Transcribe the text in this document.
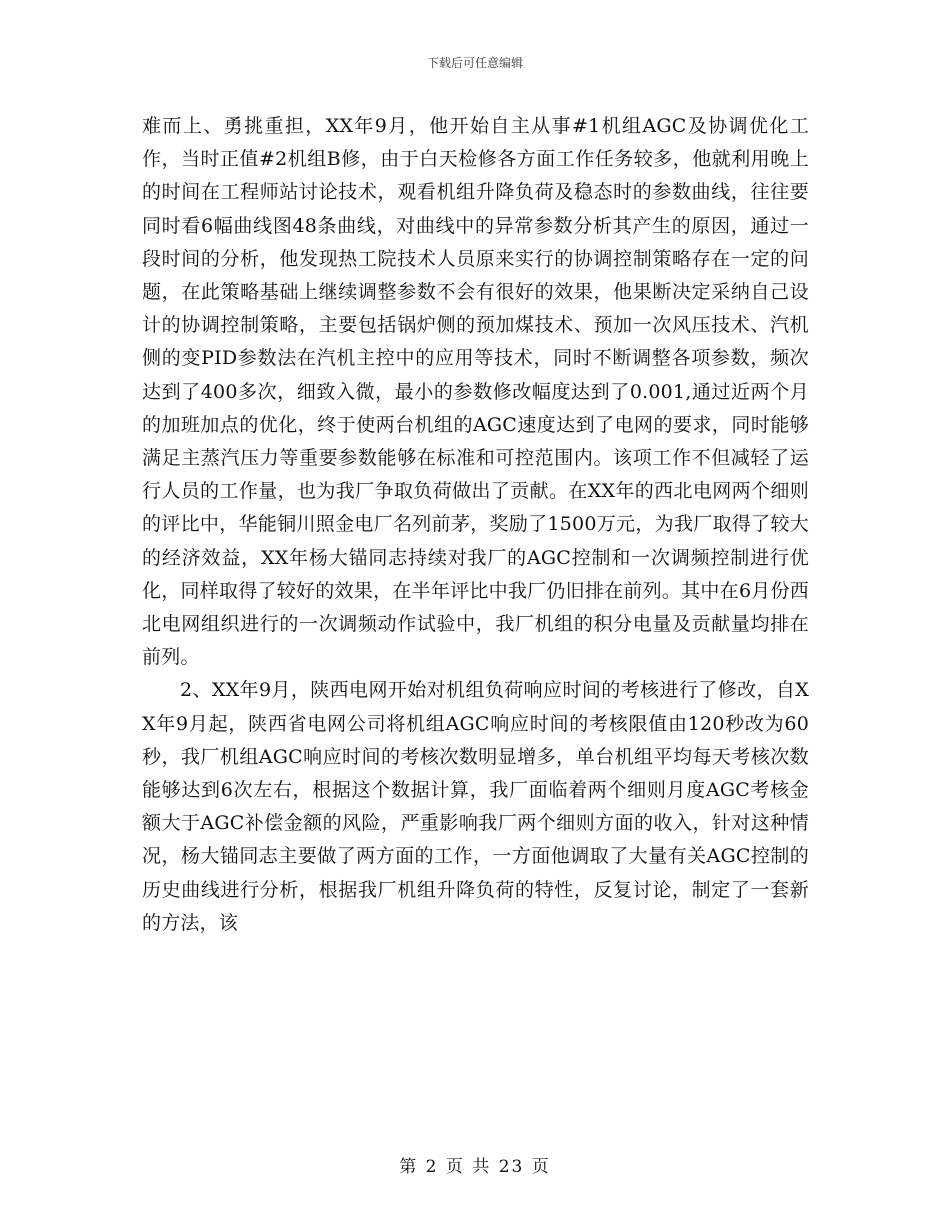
下载后可任意编辑

难而上、勇挑重担，XX年9月，他开始自主从事#1机组AGC及协调优化工作，当时正值#2机组B修，由于白天检修各方面工作任务较多，他就利用晚上的时间在工程师站讨论技术，观看机组升降负荷及稳态时的参数曲线，往往要同时看6幅曲线图48条曲线，对曲线中的异常参数分析其产生的原因，通过一段时间的分析，他发现热工院技术人员原来实行的协调控制策略存在一定的问题，在此策略基础上继续调整参数不会有很好的效果，他果断决定采纳自己设计的协调控制策略，主要包括锅炉侧的预加煤技术、预加一次风压技术、汽机侧的变PID参数法在汽机主控中的应用等技术，同时不断调整各项参数，频次达到了400多次，细致入微，最小的参数修改幅度达到了0.001,通过近两个月的加班加点的优化，终于使两台机组的AGC速度达到了电网的要求，同时能够满足主蒸汽压力等重要参数能够在标准和可控范围内。该项工作不但减轻了运行人员的工作量，也为我厂争取负荷做出了贡献。在XX年的西北电网两个细则的评比中，华能铜川照金电厂名列前茅，奖励了1500万元，为我厂取得了较大的经济效益，XX年杨大锚同志持续对我厂的AGC控制和一次调频控制进行优化，同样取得了较好的效果，在半年评比中我厂仍旧排在前列。其中在6月份西北电网组织进行的一次调频动作试验中，我厂机组的积分电量及贡献量均排在前列。

2、XX年9月，陕西电网开始对机组负荷响应时间的考核进行了修改，自XX年9月起，陕西省电网公司将机组AGC响应时间的考核限值由120秒改为60秒，我厂机组AGC响应时间的考核次数明显增多，单台机组平均每天考核次数能够达到6次左右，根据这个数据计算，我厂面临着两个细则月度AGC考核金额大于AGC补偿金额的风险，严重影响我厂两个细则方面的收入，针对这种情况，杨大锚同志主要做了两方面的工作，一方面他调取了大量有关AGC控制的历史曲线进行分析，根据我厂机组升降负荷的特性，反复讨论，制定了一套新的方法，该

第 2 页 共 23 页
